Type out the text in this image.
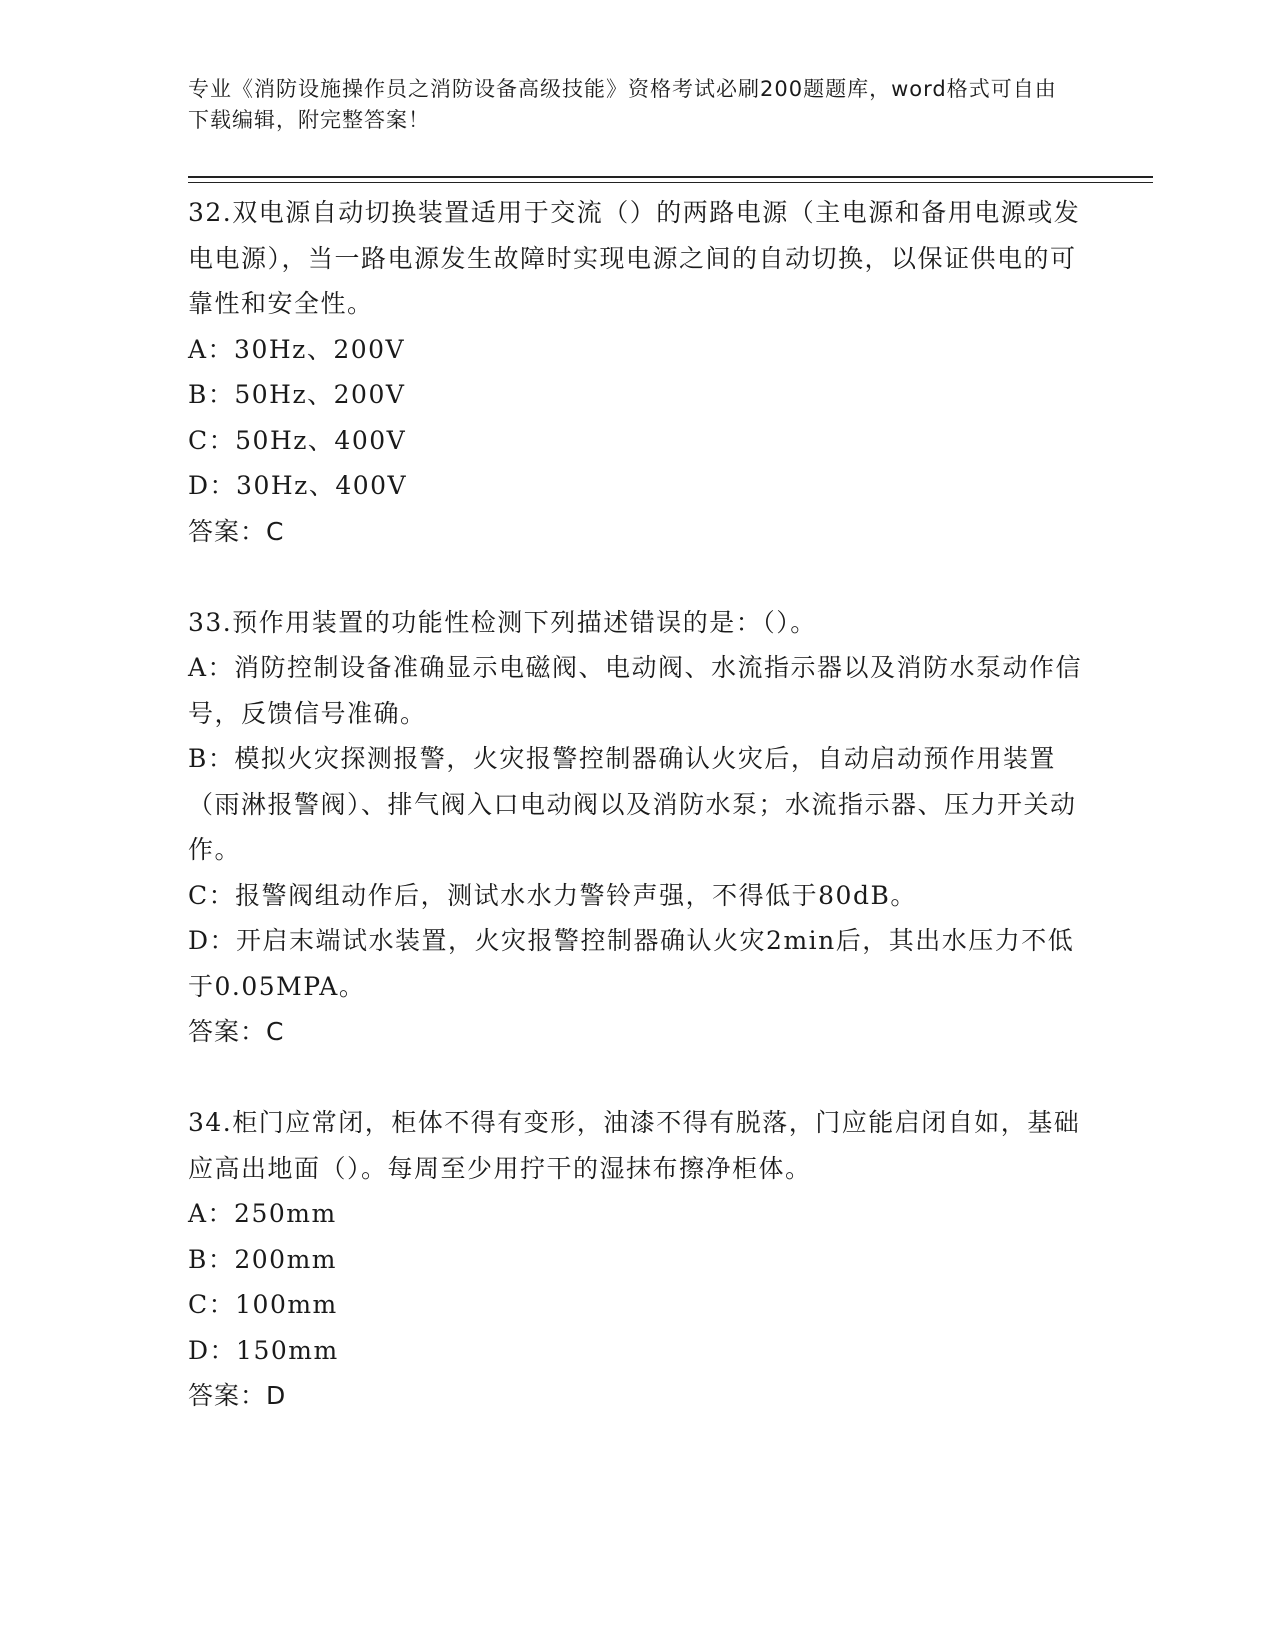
专业《消防设施操作员之消防设备高级技能》资格考试必刷200题题库，word格式可自由下载编辑，附完整答案！

32.双电源自动切换装置适用于交流（）的两路电源（主电源和备用电源或发电电源），当一路电源发生故障时实现电源之间的自动切换，以保证供电的可靠性和安全性。

A：30Hz、200V

B：50Hz、200V

C：50Hz、400V

D：30Hz、400V

答案：C

33.预作用装置的功能性检测下列描述错误的是：（）。

A：消防控制设备准确显示电磁阀、电动阀、水流指示器以及消防水泵动作信号，反馈信号准确。

B：模拟火灾探测报警，火灾报警控制器确认火灾后，自动启动预作用装置（雨淋报警阀）、排气阀入口电动阀以及消防水泵；水流指示器、压力开关动作。

C：报警阀组动作后，测试水水力警铃声强，不得低于80dB。

D：开启末端试水装置，火灾报警控制器确认火灾2min后，其出水压力不低于0.05MPA。

答案：C

34.柜门应常闭，柜体不得有变形，油漆不得有脱落，门应能启闭自如，基础应高出地面（）。每周至少用拧干的湿抹布擦净柜体。

A：250mm

B：200mm

C：100mm

D：150mm

答案：D
